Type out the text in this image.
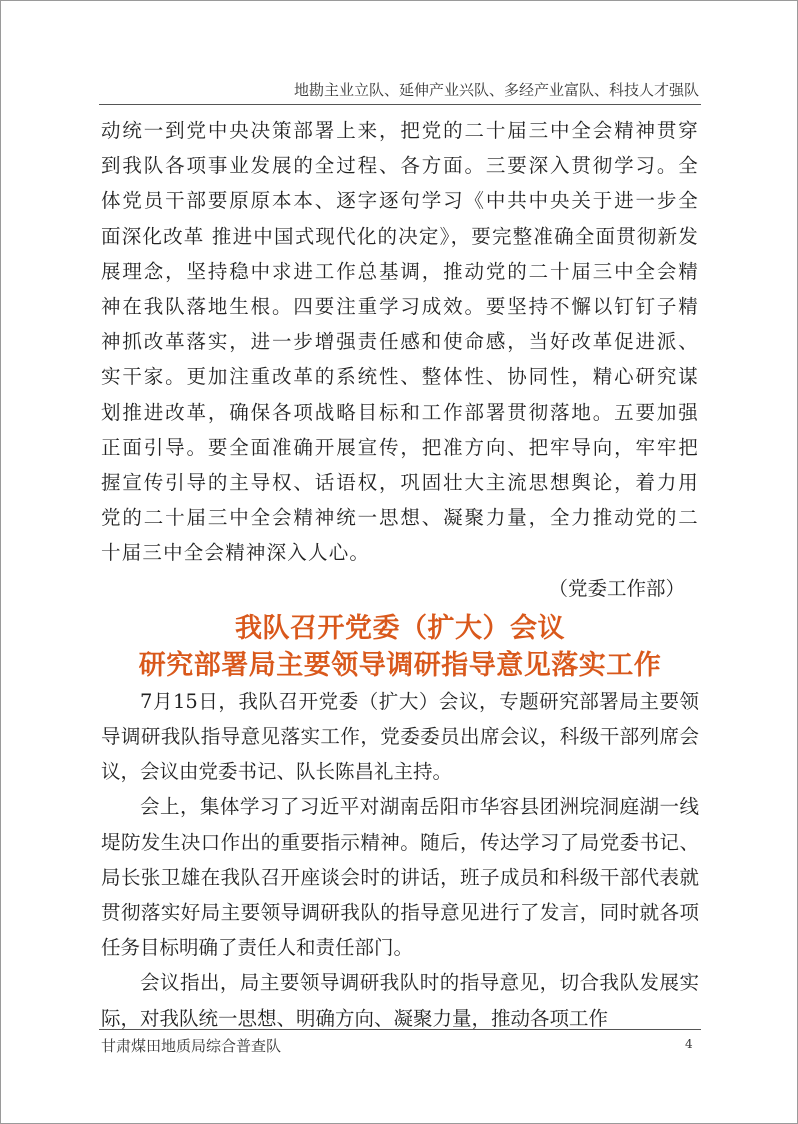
地勘主业立队、延伸产业兴队、多经产业富队、科技人才强队

动统一到党中央决策部署上来，把党的二十届三中全会精神贯穿到我队各项事业发展的全过程、各方面。三要深入贯彻学习。全体党员干部要原原本本、逐字逐句学习《中共中央关于进一步全面深化改革 推进中国式现代化的决定》，要完整准确全面贯彻新发展理念，坚持稳中求进工作总基调，推动党的二十届三中全会精神在我队落地生根。四要注重学习成效。要坚持不懈以钉钉子精神抓改革落实，进一步增强责任感和使命感，当好改革促进派、实干家。更加注重改革的系统性、整体性、协同性，精心研究谋划推进改革，确保各项战略目标和工作部署贯彻落地。五要加强正面引导。要全面准确开展宣传，把准方向、把牢导向，牢牢把握宣传引导的主导权、话语权，巩固壮大主流思想舆论，着力用党的二十届三中全会精神统一思想、凝聚力量，全力推动党的二十届三中全会精神深入人心。

（党委工作部）

我队召开党委（扩大）会议

研究部署局主要领导调研指导意见落实工作

7月15日，我队召开党委（扩大）会议，专题研究部署局主要领导调研我队指导意见落实工作，党委委员出席会议，科级干部列席会议，会议由党委书记、队长陈昌礼主持。

会上，集体学习了习近平对湖南岳阳市华容县团洲垸洞庭湖一线堤防发生决口作出的重要指示精神。随后，传达学习了局党委书记、局长张卫雄在我队召开座谈会时的讲话，班子成员和科级干部代表就贯彻落实好局主要领导调研我队的指导意见进行了发言，同时就各项任务目标明确了责任人和责任部门。

会议指出，局主要领导调研我队时的指导意见，切合我队发展实际，对我队统一思想、明确方向、凝聚力量，推动各项工作

甘肃煤田地质局综合普查队	4
